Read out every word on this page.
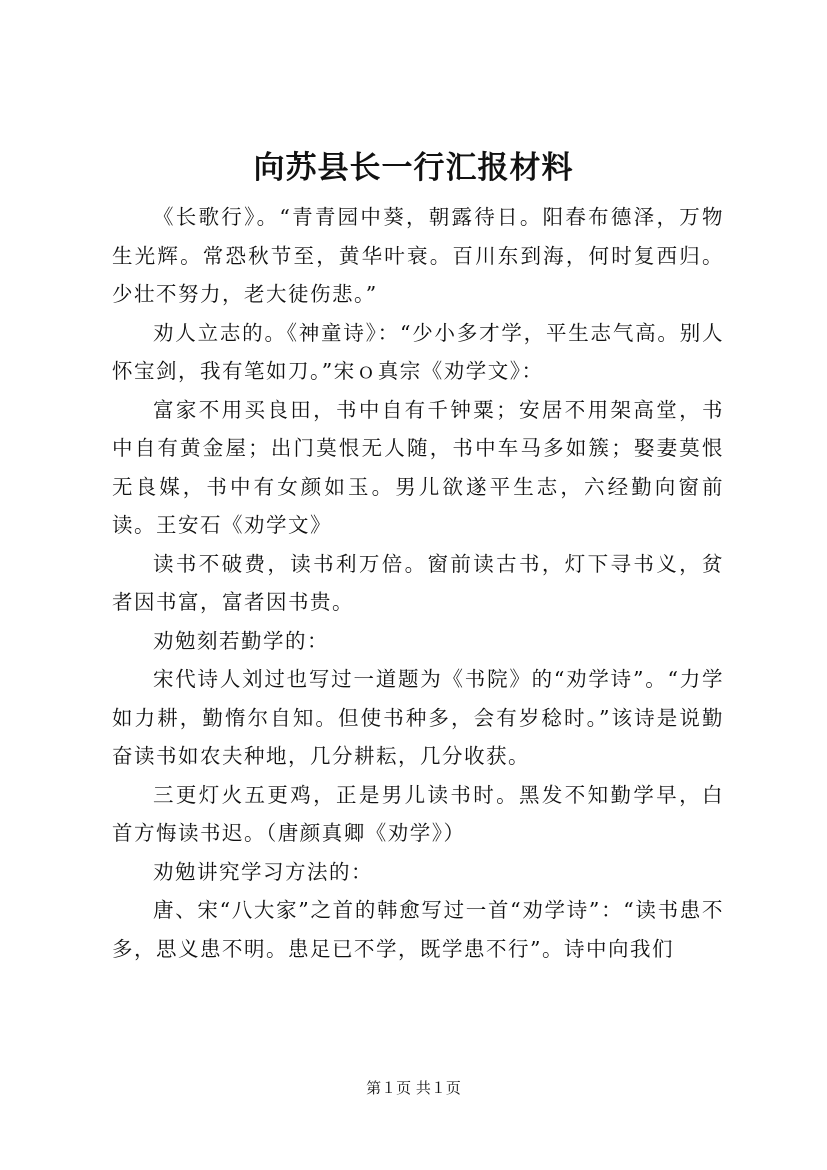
向苏县长一行汇报材料

《长歌行》。“青青园中葵，朝露待日。阳春布德泽，万物生光辉。常恐秋节至，黄华叶衰。百川东到海，何时复西归。少壮不努力，老大徒伤悲。”

劝人立志的。《神童诗》：“少小多才学，平生志气高。别人怀宝剑，我有笔如刀。”宋ｏ真宗《劝学文》：

富家不用买良田，书中自有千钟粟；安居不用架高堂，书中自有黄金屋；出门莫恨无人随，书中车马多如簇；娶妻莫恨无良媒，书中有女颜如玉。男儿欲遂平生志，六经勤向窗前读。王安石《劝学文》

读书不破费，读书利万倍。窗前读古书，灯下寻书义，贫者因书富，富者因书贵。

劝勉刻若勤学的：

宋代诗人刘过也写过一道题为《书院》的“劝学诗”。“力学如力耕，勤惰尔自知。但使书种多，会有岁稔时。”该诗是说勤奋读书如农夫种地，几分耕耘，几分收获。

三更灯火五更鸡，正是男儿读书时。黑发不知勤学早，白首方悔读书迟。（唐颜真卿《劝学》）

劝勉讲究学习方法的：

唐、宋“八大家”之首的韩愈写过一首“劝学诗”：“读书患不多，思义患不明。患足已不学，既学患不行”。诗中向我们

第１页 共１页
